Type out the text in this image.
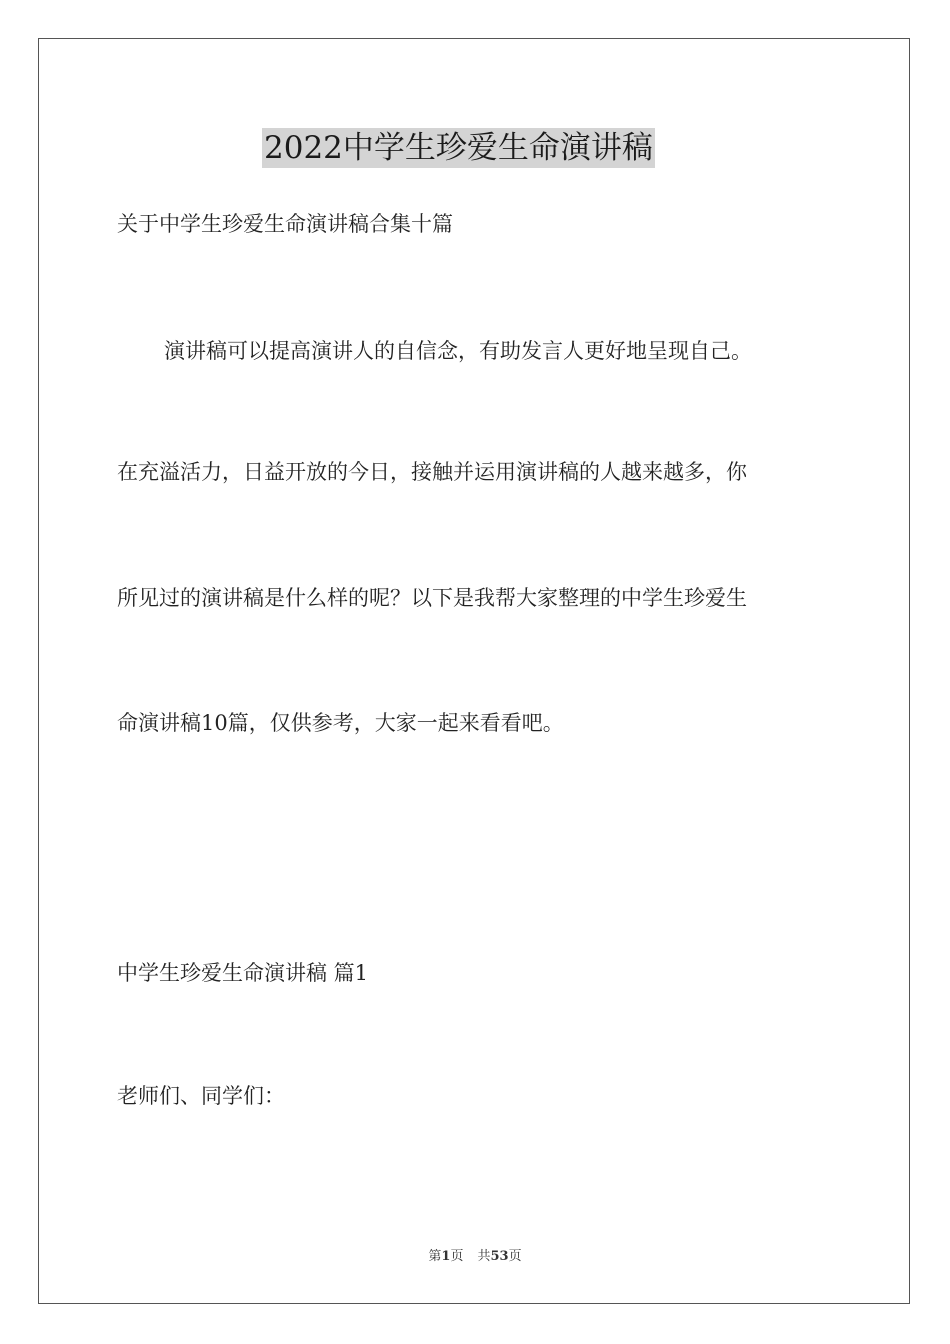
2022中学生珍爱生命演讲稿
关于中学生珍爱生命演讲稿合集十篇
演讲稿可以提高演讲人的自信念，有助发言人更好地呈现自己。
在充溢活力，日益开放的今日，接触并运用演讲稿的人越来越多，你
所见过的演讲稿是什么样的呢？以下是我帮大家整理的中学生珍爱生
命演讲稿10篇，仅供参考，大家一起来看看吧。
中学生珍爱生命演讲稿 篇1
老师们、同学们：
第1页 共53页
